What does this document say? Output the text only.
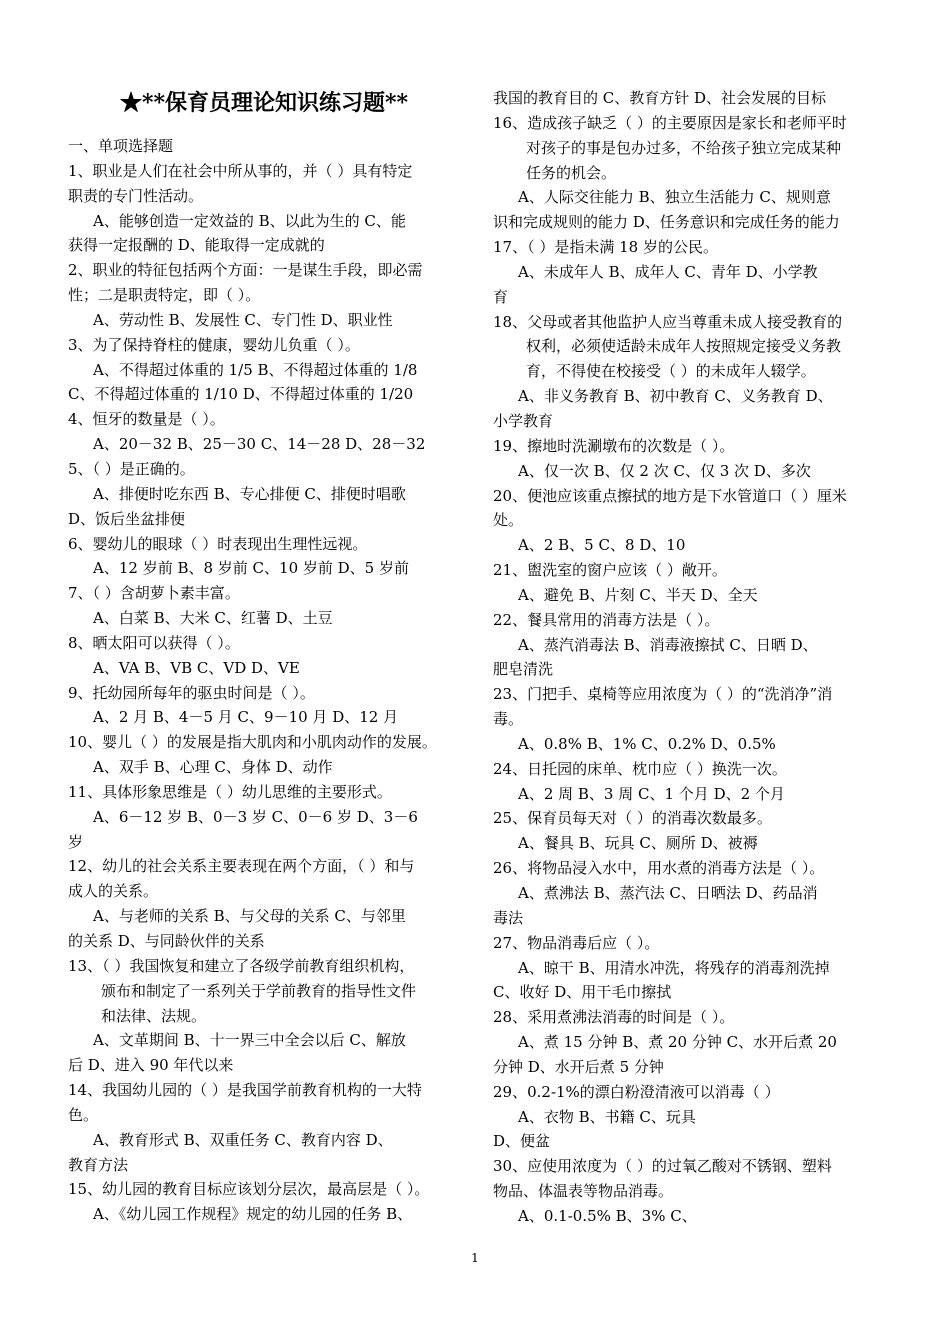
★**保育员理论知识练习题**
一、单项选择题
1、职业是人们在社会中所从事的，并（ ）具有特定
职责的专门性活动。
A、能够创造一定效益的 B、以此为生的 C、能
获得一定报酬的 D、能取得一定成就的
2、职业的特征包括两个方面：一是谋生手段，即必需
性；二是职责特定，即（ ）。
A、劳动性 B、发展性 C、专门性 D、职业性
3、为了保持脊柱的健康，婴幼儿负重（ ）。
A、不得超过体重的 1/5 B、不得超过体重的 1/8
C、不得超过体重的 1/10 D、不得超过体重的 1/20
4、恒牙的数量是（ ）。
A、20－32 B、25－30 C、14－28 D、28－32
5、（ ）是正确的。
A、排便时吃东西 B、专心排便 C、排便时唱歌
D、饭后坐盆排便
6、婴幼儿的眼球（ ）时表现出生理性远视。
A、12 岁前 B、8 岁前 C、10 岁前 D、5 岁前
7、（ ）含胡萝卜素丰富。
A、白菜 B、大米 C、红薯 D、土豆
8、晒太阳可以获得（ ）。
A、VA B、VB C、VD D、VE
9、托幼园所每年的驱虫时间是（ ）。
A、2 月 B、4－5 月 C、9－10 月 D、12 月
10、婴儿（ ）的发展是指大肌肉和小肌肉动作的发展。
A、双手 B、心理 C、身体 D、动作
11、具体形象思维是（ ）幼儿思维的主要形式。
A、6－12 岁 B、0－3 岁 C、0－6 岁 D、3－6
岁
12、幼儿的社会关系主要表现在两个方面，（ ）和与
成人的关系。
A、与老师的关系 B、与父母的关系 C、与邻里
的关系 D、与同龄伙伴的关系
13、（ ）我国恢复和建立了各级学前教育组织机构，
颁布和制定了一系列关于学前教育的指导性文件
和法律、法规。
A、文革期间 B、十一界三中全会以后 C、解放
后 D、进入 90 年代以来
14、我国幼儿园的（ ）是我国学前教育机构的一大特
色。
A、教育形式 B、双重任务 C、教育内容 D、
教育方法
15、幼儿园的教育目标应该划分层次，最高层是（ ）。
A、《幼儿园工作规程》规定的幼儿园的任务 B、
我国的教育目的 C、教育方针 D、社会发展的目标
16、造成孩子缺乏（ ）的主要原因是家长和老师平时
对孩子的事是包办过多，不给孩子独立完成某种
任务的机会。
A、人际交往能力 B、独立生活能力 C、规则意
识和完成规则的能力 D、任务意识和完成任务的能力
17、（ ）是指未满 18 岁的公民。
A、未成年人 B、成年人 C、青年 D、小学教
育
18、父母或者其他监护人应当尊重未成人接受教育的
权利，必须使适龄未成年人按照规定接受义务教
育，不得使在校接受（ ）的未成年人辍学。
A、非义务教育 B、初中教育 C、义务教育 D、
小学教育
19、擦地时洗涮墩布的次数是（ ）。
A、仅一次 B、仅 2 次 C、仅 3 次 D、多次
20、便池应该重点擦拭的地方是下水管道口（ ）厘米
处。
A、2 B、5 C、8 D、10
21、盥洗室的窗户应该（ ）敞开。
A、避免 B、片刻 C、半天 D、全天
22、餐具常用的消毒方法是（ ）。
A、蒸汽消毒法 B、消毒液擦拭 C、日晒 D、
肥皂清洗
23、门把手、桌椅等应用浓度为（ ）的“洗消净”消
毒。
A、0.8% B、1% C、0.2% D、0.5%
24、日托园的床单、枕巾应（ ）换洗一次。
A、2 周 B、3 周 C、1 个月 D、2 个月
25、保育员每天对（ ）的消毒次数最多。
A、餐具 B、玩具 C、厕所 D、被褥
26、将物品浸入水中，用水煮的消毒方法是（ ）。
A、煮沸法 B、蒸汽法 C、日晒法 D、药品消
毒法
27、物品消毒后应（ ）。
A、晾干 B、用清水冲洗，将残存的消毒剂洗掉
C、收好 D、用干毛巾擦拭
28、采用煮沸法消毒的时间是（ ）。
A、煮 15 分钟 B、煮 20 分钟 C、水开后煮 20
分钟 D、水开后煮 5 分钟
29、0.2-1%的漂白粉澄清液可以消毒（ ）
A、衣物 B、书籍 C、玩具
D、便盆
30、应使用浓度为（ ）的过氧乙酸对不锈钢、塑料
物品、体温表等物品消毒。
A、0.1-0.5% B、3% C、
1
